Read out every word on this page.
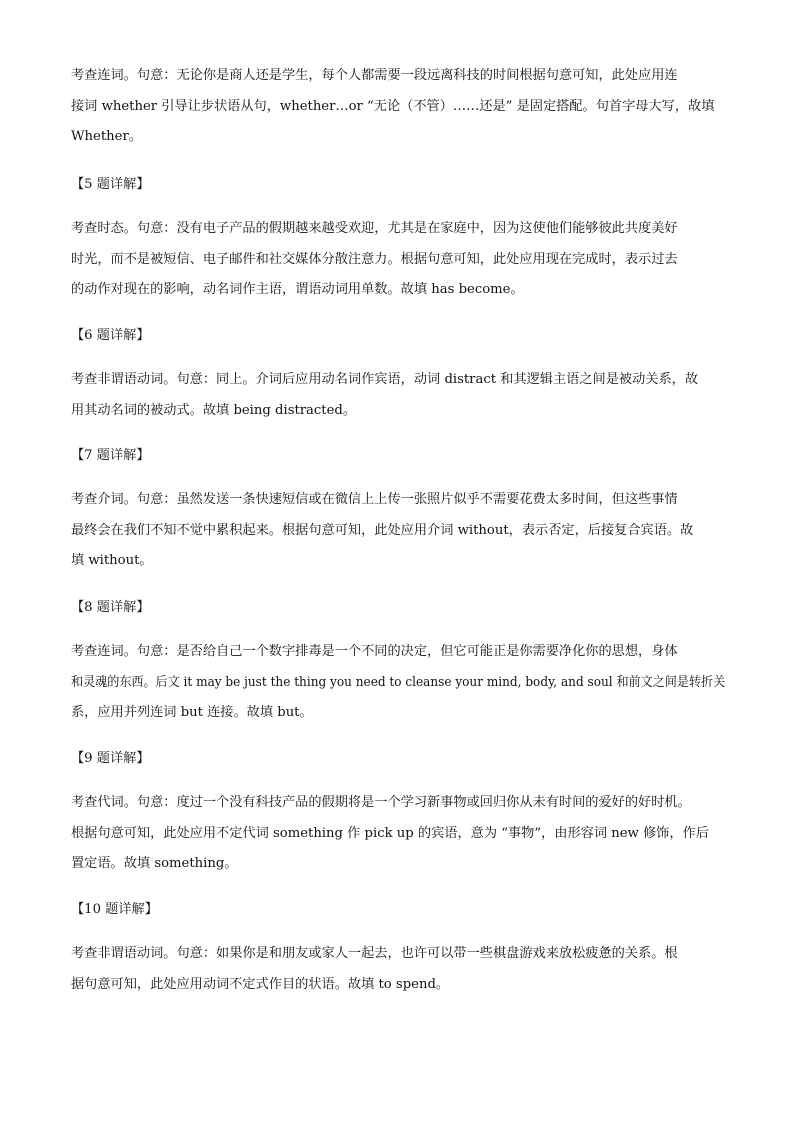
考查连词。句意：无论你是商人还是学生，每个人都需要一段远离科技的时间根据句意可知，此处应用连
接词 whether 引导让步状语从句，whether…or “无论（不管）……还是” 是固定搭配。句首字母大写，故填
Whether。
【5 题详解】
考查时态。句意：没有电子产品的假期越来越受欢迎，尤其是在家庭中，因为这使他们能够彼此共度美好
时光，而不是被短信、电子邮件和社交媒体分散注意力。根据句意可知，此处应用现在完成时，表示过去
的动作对现在的影响，动名词作主语，谓语动词用单数。故填 has become。
【6 题详解】
考查非谓语动词。句意：同上。介词后应用动名词作宾语，动词 distract 和其逻辑主语之间是被动关系，故
用其动名词的被动式。故填 being distracted。
【7 题详解】
考查介词。句意：虽然发送一条快速短信或在微信上上传一张照片似乎不需要花费太多时间，但这些事情
最终会在我们不知不觉中累积起来。根据句意可知，此处应用介词 without，表示否定，后接复合宾语。故
填 without。
【8 题详解】
考查连词。句意：是否给自己一个数字排毒是一个不同的决定，但它可能正是你需要净化你的思想，身体
和灵魂的东西。后文 it may be just the thing you need to cleanse your mind, body, and soul 和前文之间是转折关
系，应用并列连词 but 连接。故填 but。
【9 题详解】
考查代词。句意：度过一个没有科技产品的假期将是一个学习新事物或回归你从未有时间的爱好的好时机。
根据句意可知，此处应用不定代词 something 作 pick up 的宾语，意为 “事物”，由形容词 new 修饰，作后
置定语。故填 something。
【10 题详解】
考查非谓语动词。句意：如果你是和朋友或家人一起去，也许可以带一些棋盘游戏来放松疲惫的关系。根
据句意可知，此处应用动词不定式作目的状语。故填 to spend。
